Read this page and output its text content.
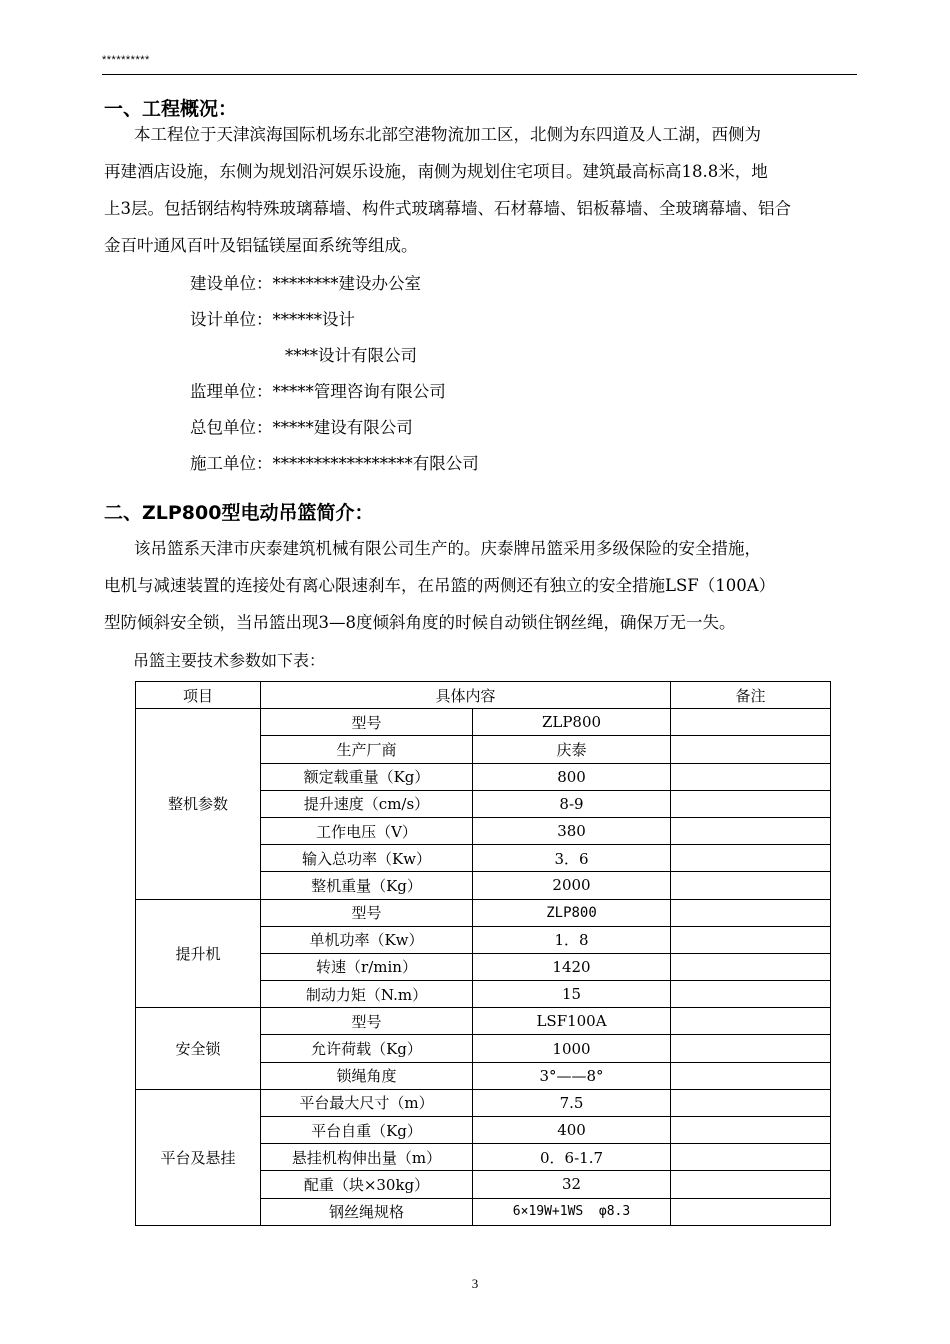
**********
一、工程概况：
本工程位于天津滨海国际机场东北部空港物流加工区，北侧为东四道及人工湖，西侧为
再建酒店设施，东侧为规划沿河娱乐设施，南侧为规划住宅项目。建筑最高标高18.8米，地
上3层。包括钢结构特殊玻璃幕墙、构件式玻璃幕墙、石材幕墙、铝板幕墙、全玻璃幕墙、铝合
金百叶通风百叶及铝锰镁屋面系统等组成。
建设单位：********建设办公室
设计单位：******设计
****设计有限公司
监理单位：*****管理咨询有限公司
总包单位：*****建设有限公司
施工单位：*****************有限公司
二、ZLP800型电动吊篮简介：
该吊篮系天津市庆泰建筑机械有限公司生产的。庆泰牌吊篮采用多级保险的安全措施，
电机与减速装置的连接处有离心限速刹车，在吊篮的两侧还有独立的安全措施LSF（100A）
型防倾斜安全锁，当吊篮出现3—8度倾斜角度的时候自动锁住钢丝绳，确保万无一失。
吊篮主要技术参数如下表：
项目	具体内容		备注
整机参数	型号	ZLP800	
	生产厂商	庆泰	
	额定载重量（Kg）	800	
	提升速度（cm/s）	8-9	
	工作电压（V）	380	
	输入总功率（Kw）	3．6	
	整机重量（Kg）	2000	
提升机	型号	ZLP800	
	单机功率（Kw）	1．8	
	转速（r/min）	1420	
	制动力矩（N.m）	15	
安全锁	型号	LSF100A	
	允许荷载（Kg）	1000	
	锁绳角度	3°——8°	
平台及悬挂	平台最大尺寸（m）	7.5	
	平台自重（Kg）	400	
	悬挂机构伸出量（m）	0．6-1.7	
	配重（块×30kg）	32	
	钢丝绳规格	6×19W+1WS  φ8.3	
3
